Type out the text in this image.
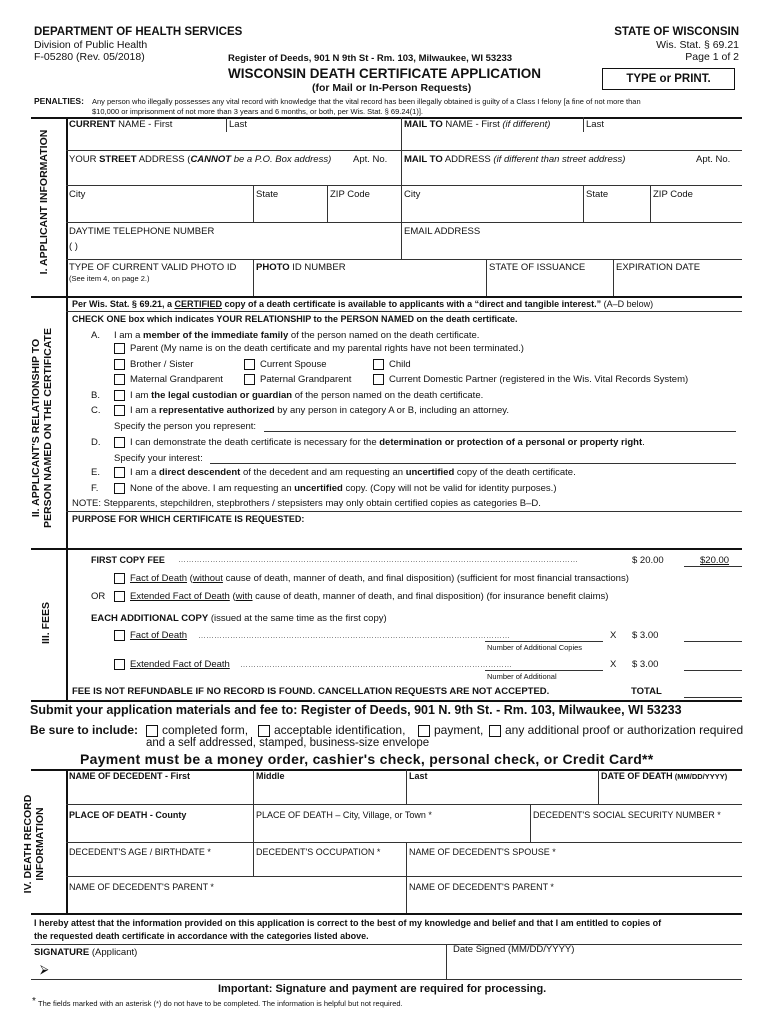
DEPARTMENT OF HEALTH SERVICES
Division of Public Health
F-05280 (Rev. 05/2018)	Register of Deeds, 901 N 9th St - Rm. 103, Milwaukee, WI 53233
STATE OF WISCONSIN
Wis. Stat. § 69.21
Page 1 of 2
WISCONSIN DEATH CERTIFICATE APPLICATION
(for Mail or In-Person Requests)
TYPE or PRINT.
PENALTIES: Any person who illegally possesses any vital record with knowledge that the vital record has been illegally obtained is guilty of a Class I felony [a fine of not more than
$10,000 or imprisonment of not more than 3 years and 6 months, or both, per Wis. Stat. § 69.24(1)].
I. APPLICANT INFORMATION
CURRENT NAME - First	Last	MAIL TO NAME - First (if different)	Last
YOUR STREET ADDRESS (CANNOT be a P.O. Box address) Apt. No. MAIL TO ADDRESS (if different than street address)	Apt. No.
City	State	ZIP Code	City	State	ZIP Code
DAYTIME TELEPHONE NUMBER
( )
EMAIL ADDRESS
TYPE OF CURRENT VALID PHOTO ID
(See item 4, on page 2.)
PHOTO ID NUMBER	STATE OF ISSUANCE	EXPIRATION DATE
II. APPLICANT'S RELATIONSHIP TO PERSON NAMED ON THE CERTIFICATE
Per Wis. Stat. § 69.21, a CERTIFIED copy of a death certificate is available to applicants with a “direct and tangible interest.” (A–D below)
CHECK ONE box which indicates YOUR RELATIONSHIP to the PERSON NAMED on the death certificate.
A. I am a member of the immediate family of the person named on the death certificate.
Parent (My name is on the death certificate and my parental rights have not been terminated.)
Brother / Sister	Current Spouse	Child
Maternal Grandparent	Paternal Grandparent	Current Domestic Partner (registered in the Wis. Vital Records System)
B.	I am the legal custodian or guardian of the person named on the death certificate.
C.	I am a representative authorized by any person in category A or B, including an attorney.
Specify the person you represent:
D.	I can demonstrate the death certificate is necessary for the determination or protection of a personal or property right.
Specify your interest:
E.	I am a direct descendent of the decedent and am requesting an uncertified copy of the death certificate.
F.	None of the above. I am requesting an uncertified copy. (Copy will not be valid for identity purposes.)
NOTE: Stepparents, stepchildren, stepbrothers / stepsisters may only obtain certified copies as categories B–D.
PURPOSE FOR WHICH CERTIFICATE IS REQUESTED:
III. FEES
FIRST COPY FEE ……………………………………………………………………………………………………………………………………	$ 20.00	$20.00
Fact of Death (without cause of death, manner of death, and final disposition) (sufficient for most financial transactions)
OR	Extended Fact of Death (with cause of death, manner of death, and final disposition) (for insurance benefit claims)
EACH ADDITIONAL COPY (issued at the same time as the first copy)
Fact of Death ………………………………………………………………………………………………………
Number of Additional Copies
X $ 3.00
Extended Fact of Death …………………………………………………………………………………………
Number of Additional
X $ 3.00
FEE IS NOT REFUNDABLE IF NO RECORD IS FOUND. CANCELLATION REQUESTS ARE NOT ACCEPTED.	TOTAL
Submit your application materials and fee to: Register of Deeds, 901 N. 9th St. - Rm. 103, Milwaukee, WI 53233
Be sure to include: completed form, acceptable identification, payment, any additional proof or authorization required
and a self addressed, stamped, business-size envelope
Payment must be a money order, cashier's check, personal check, or Credit Card**
IV. DEATH RECORD INFORMATION
NAME OF DECEDENT - First	Middle	Last	DATE OF DEATH (MM/DD/YYYY)
PLACE OF DEATH - County	PLACE OF DEATH – City, Village, or Town *	DECEDENT'S SOCIAL SECURITY NUMBER *
DECEDENT'S AGE / BIRTHDATE *	DECEDENT'S OCCUPATION *	NAME OF DECEDENT'S SPOUSE *
NAME OF DECEDENT'S PARENT *	NAME OF DECEDENT'S PARENT *
I hereby attest that the information provided on this application is correct to the best of my knowledge and belief and that I am entitled to copies of
the requested death certificate in accordance with the categories listed above.
SIGNATURE (Applicant)
⮚
Date Signed (MM/DD/YYYY)
Important: Signature and payment are required for processing.
* The fields marked with an asterisk (*) do not have to be completed. The information is helpful but not required.
